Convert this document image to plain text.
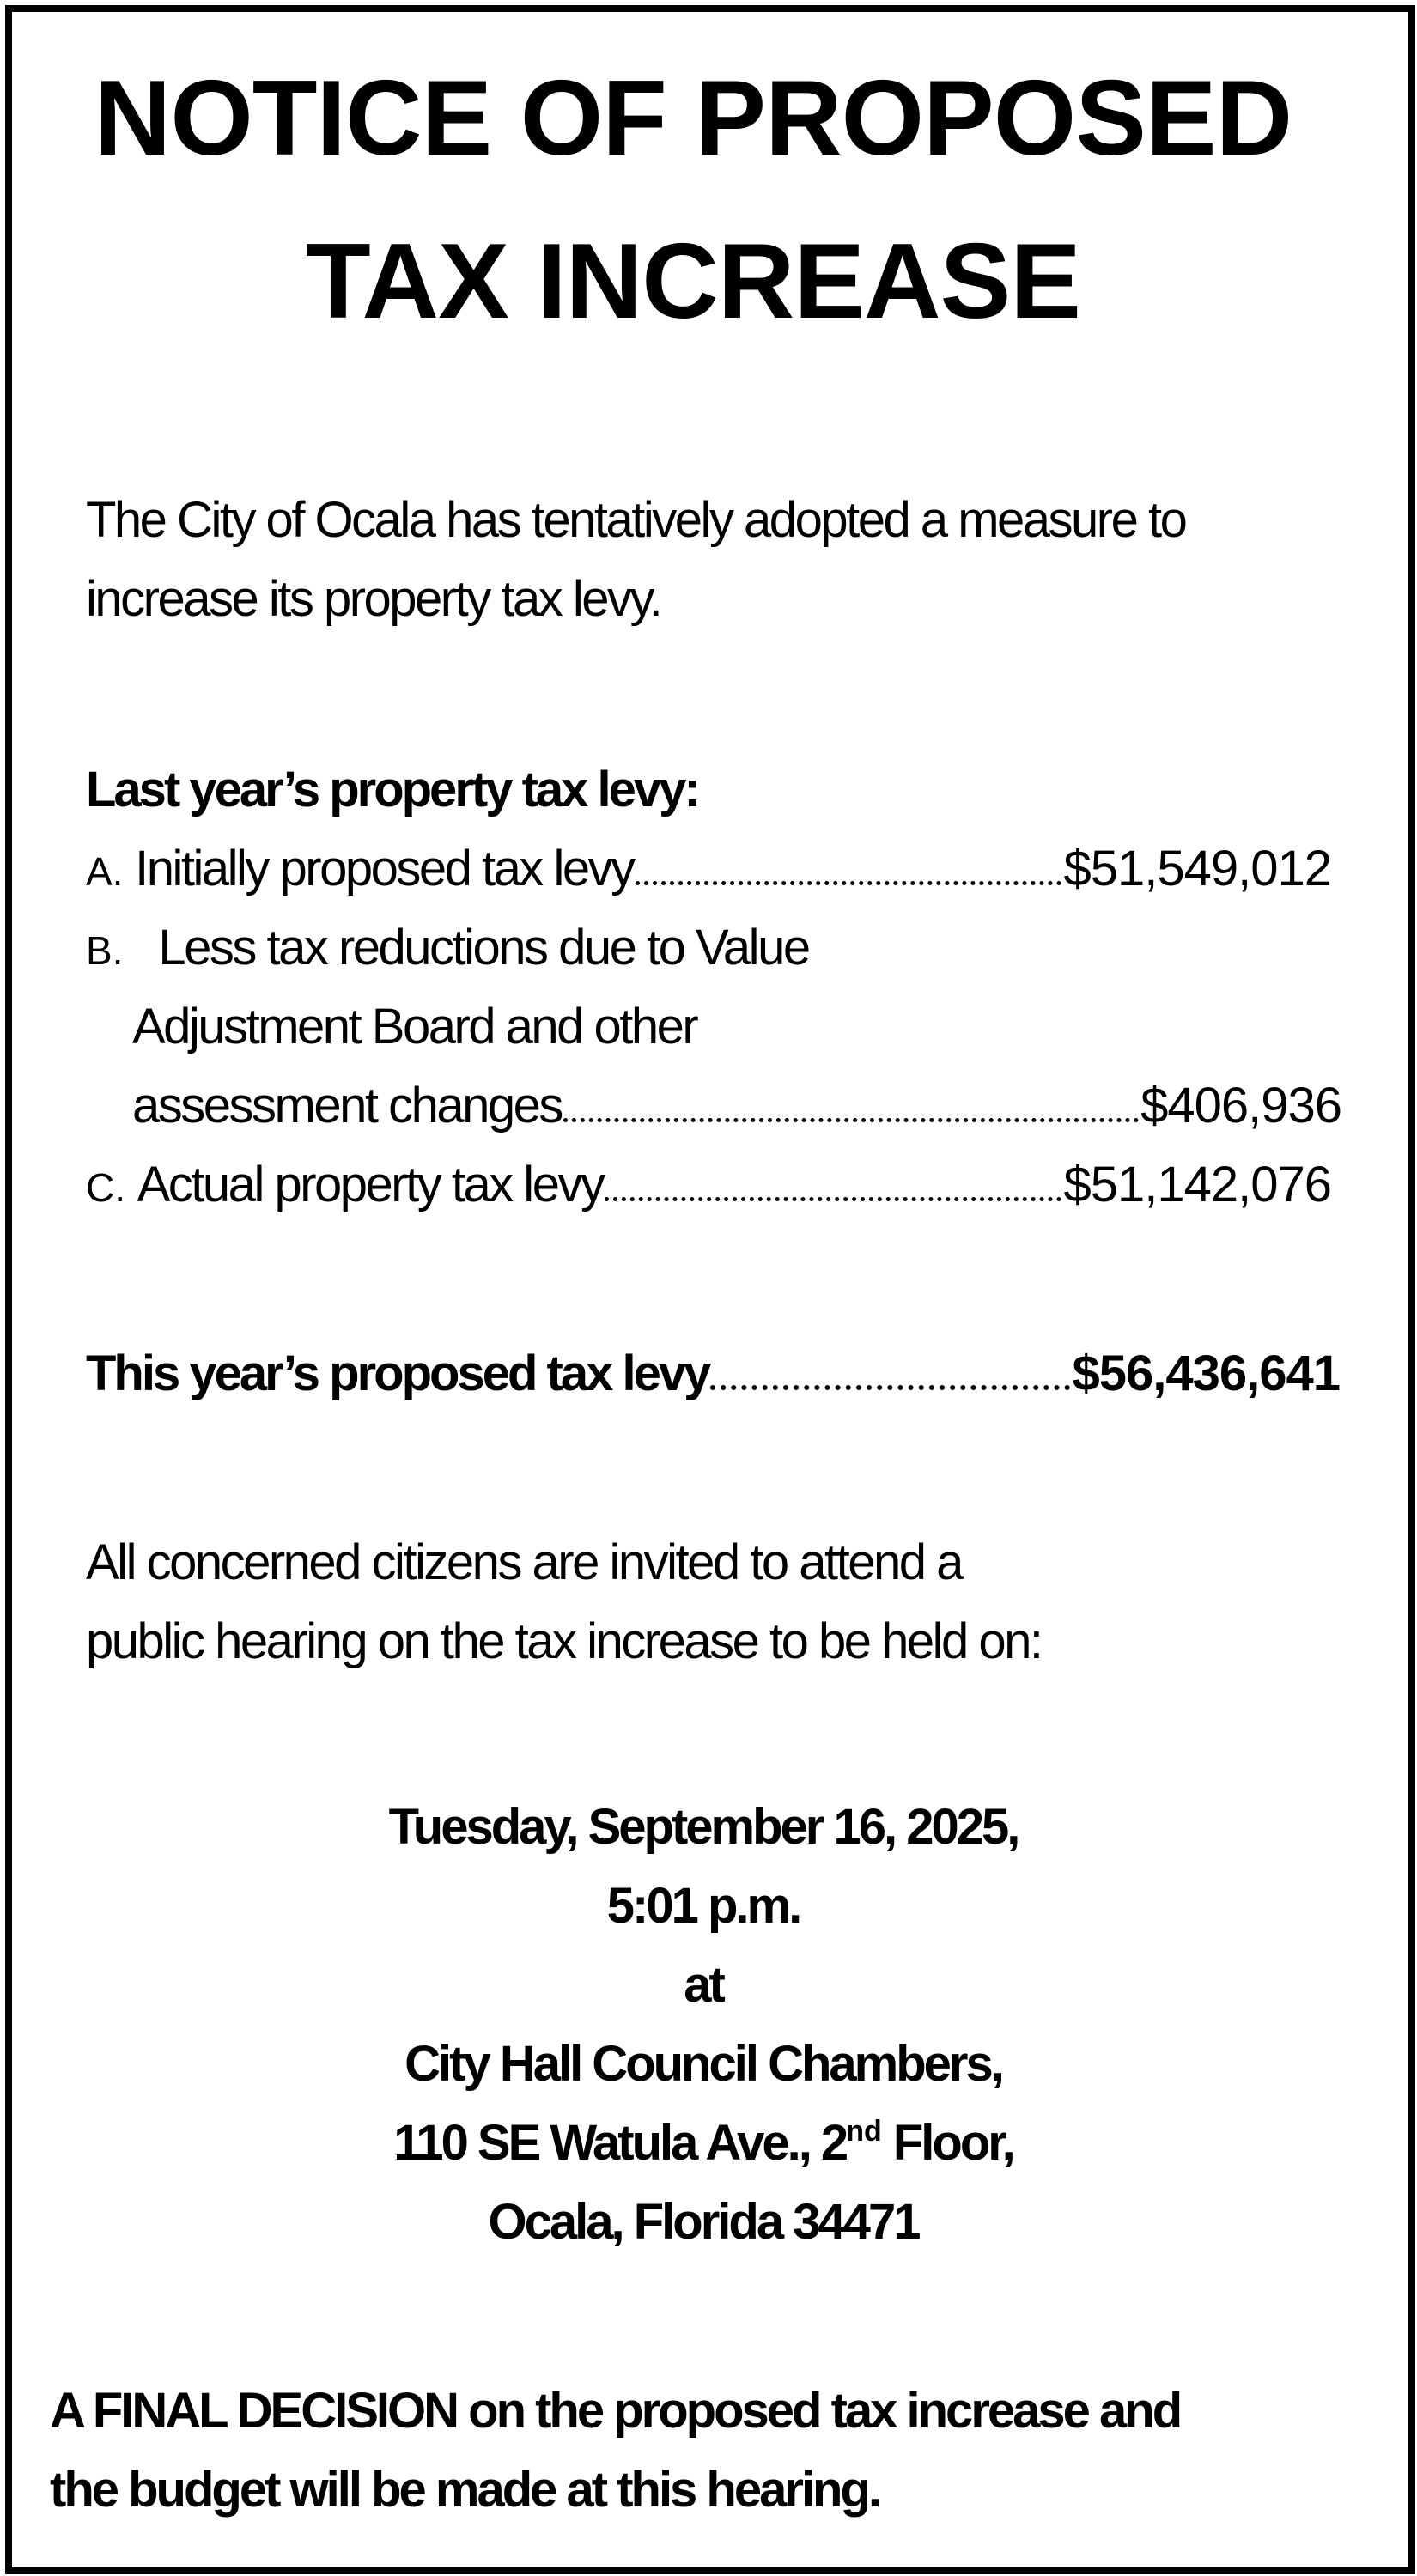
NOTICE OF PROPOSED
TAX INCREASE
The City of Ocala has tentatively adopted a measure to
increase its property tax levy.
Last year’s property tax levy:
A.
Initially proposed tax levy	$51,549,012
B. Less tax reductions due to Value
Adjustment Board and other
assessment changes	$406,936
C.
Actual property tax levy	$51,142,076
This year’s proposed tax levy	$56,436,641
All concerned citizens are invited to attend a
public hearing on the tax increase to be held on:
Tuesday, September 16, 2025,
5:01 p.m.
at
City Hall Council Chambers,
110 SE Watula Ave., 2nd Floor,
Ocala, Florida 34471
A FINAL DECISION on the proposed tax increase and
the budget will be made at this hearing.
